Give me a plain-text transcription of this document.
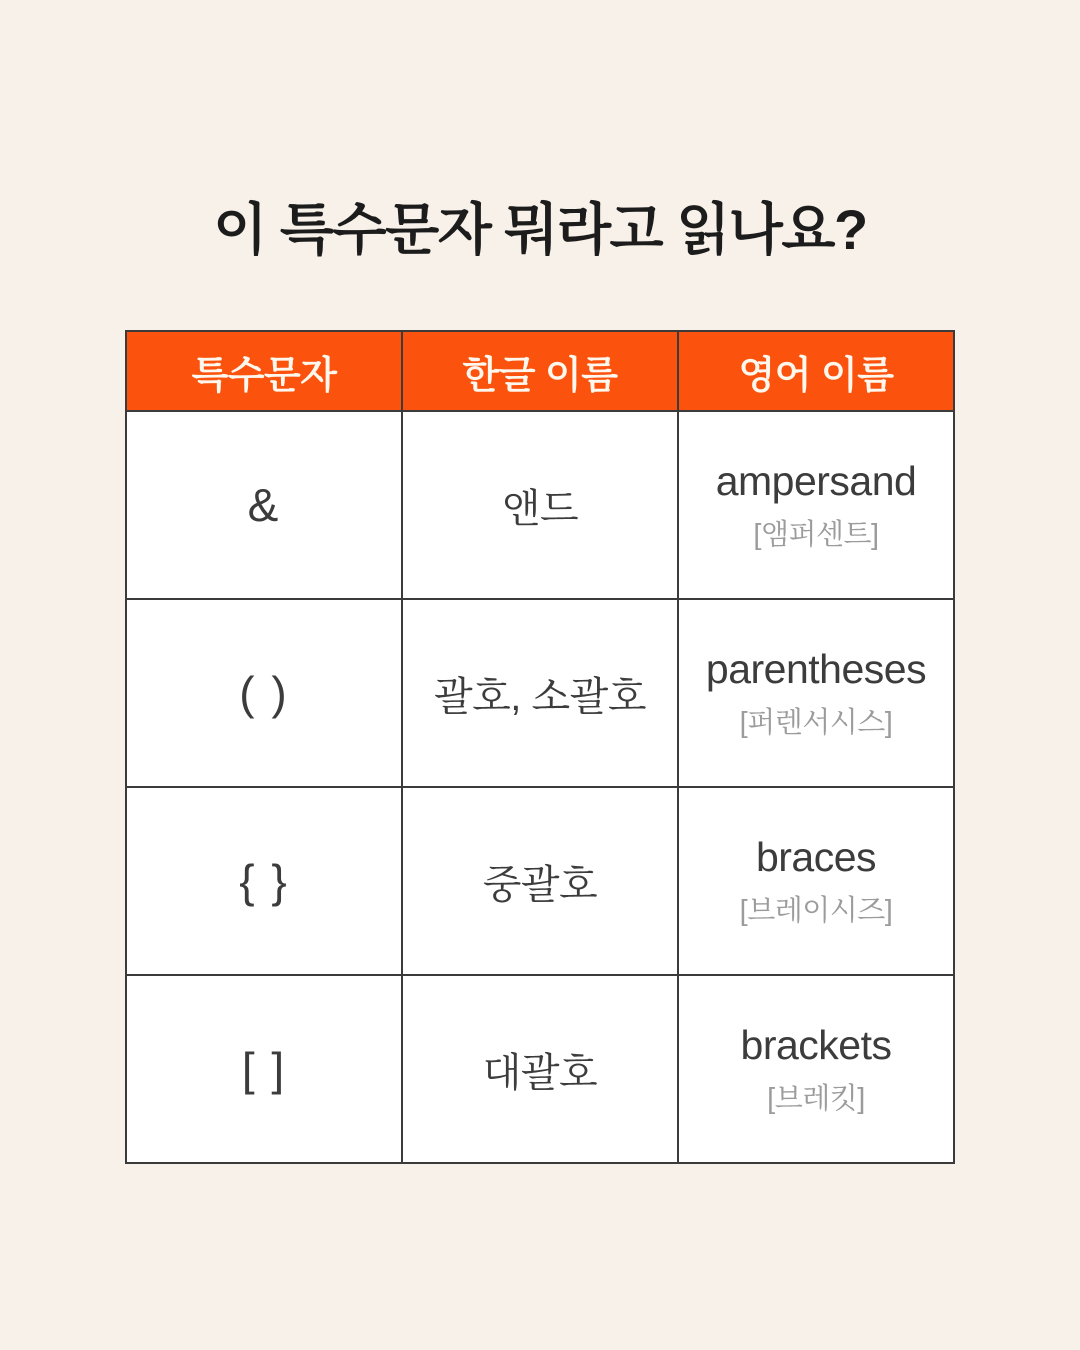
이 특수문자 뭐라고 읽나요?
특수문자	한글 이름	영어 이름

&	앤드	ampersand
[앰퍼센트]

( )	괄호, 소괄호	parentheses
[퍼렌서시스]

{ }	중괄호	braces
[브레이시즈]

[ ]	대괄호	brackets
[브레킷]
